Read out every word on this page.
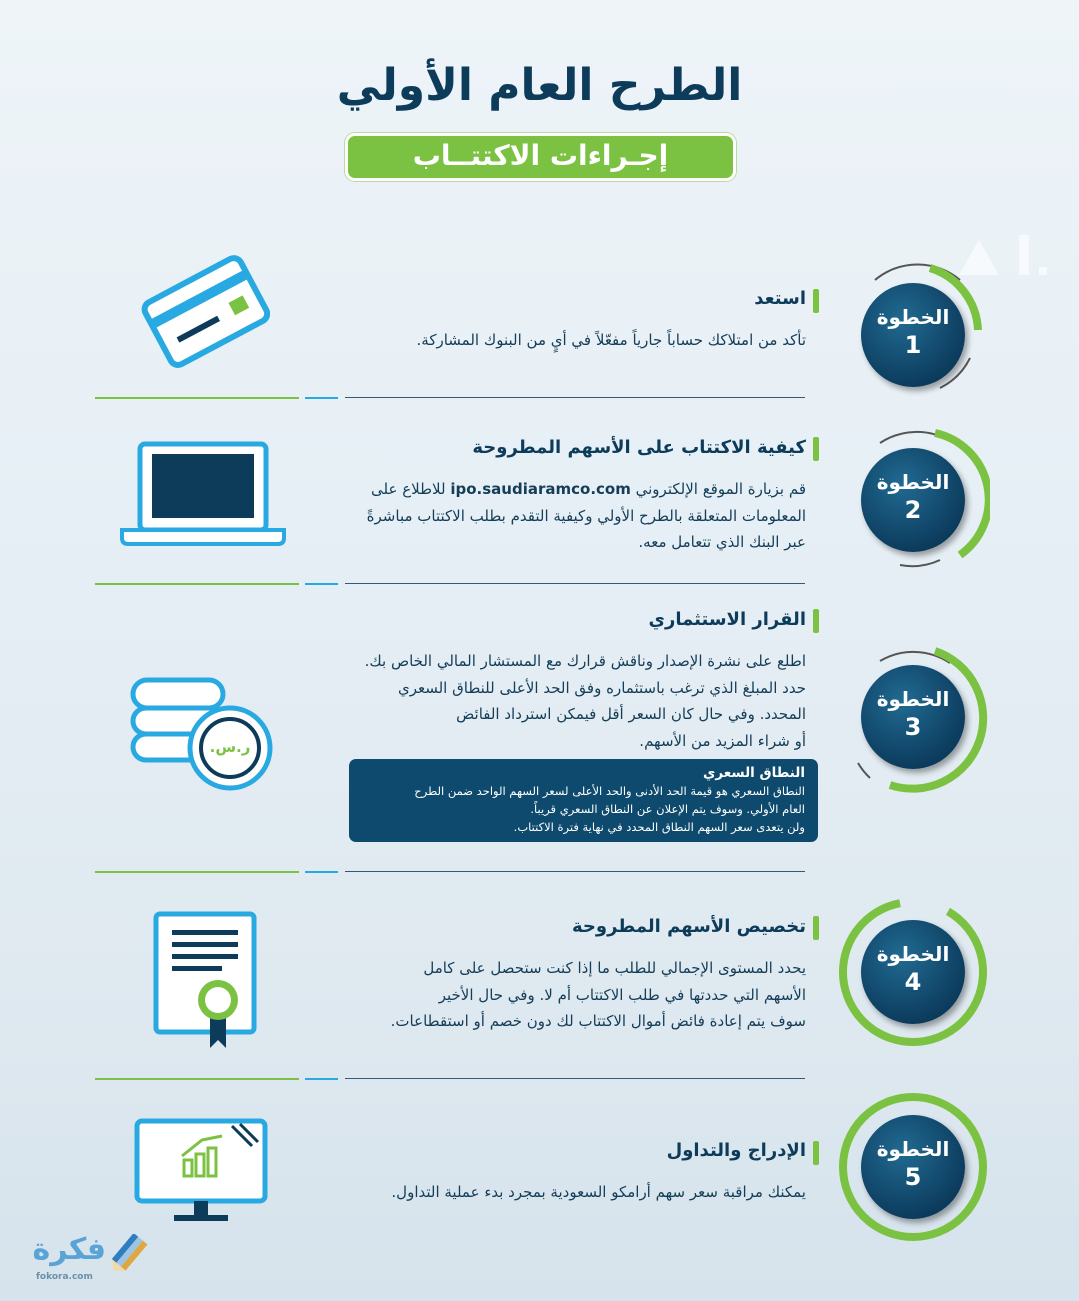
الطرح العام الأولي
إجـراءات الاكتتــاب
الخطوة
1
الخطوة
2
الخطوة
3
الخطوة
4
الخطوة
5
استعد
تأكد من امتلاكك حساباً جارياً مفعّلاً في أيٍ من البنوك المشاركة.
كيفية الاكتتاب على الأسهم المطروحة
قم بزيارة الموقع الإلكتروني ipo.saudiaramco.com للاطلاع على المعلومات المتعلقة بالطرح الأولي وكيفية التقدم بطلب الاكتتاب مباشرةً عبر البنك الذي تتعامل معه.
القرار الاستثماري
اطلع على نشرة الإصدار وناقش قرارك مع المستشار المالي الخاص بك.
حدد المبلغ الذي ترغب باستثماره وفق الحد الأعلى للنطاق السعري
المحدد. وفي حال كان السعر أقل فيمكن استرداد الفائض
أو شراء المزيد من الأسهم.
النطاق السعري
النطاق السعري هو قيمة الحد الأدنى والحد الأعلى لسعر السهم الواحد ضمن الطرح
العام الأولي. وسوف يتم الإعلان عن النطاق السعري قريباً.
ولن يتعدى سعر السهم النطاق المحدد في نهاية فترة الاكتتاب.
ر.س.
تخصيص الأسهم المطروحة
يحدد المستوى الإجمالي للطلب ما إذا كنت ستحصل على كامل
الأسهم التي حددتها في طلب الاكتتاب أم لا. وفي حال الأخير
سوف يتم إعادة فائض أموال الاكتتاب لك دون خصم أو استقطاعات.
الإدراج والتداول
يمكنك مراقبة سعر سهم أرامكو السعودية بمجرد بدء عملية التداول.
فكرة
fokora.com
